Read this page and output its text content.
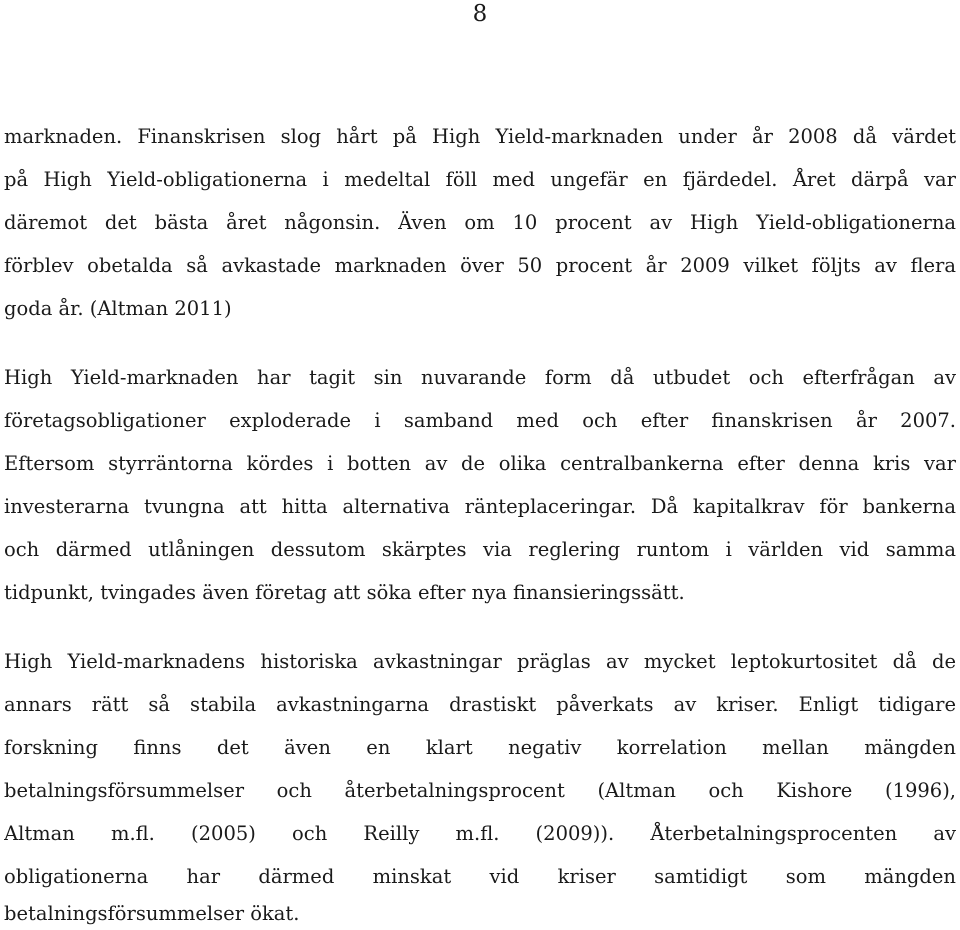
8
marknaden. Finanskrisen slog hårt på High Yield-marknaden under år 2008 då värdet
på High Yield-obligationerna i medeltal föll med ungefär en fjärdedel. Året därpå var
däremot det bästa året någonsin. Även om 10 procent av High Yield-obligationerna
förblev obetalda så avkastade marknaden över 50 procent år 2009 vilket följts av flera
goda år. (Altman 2011)
High Yield-marknaden har tagit sin nuvarande form då utbudet och efterfrågan av
företagsobligationer exploderade i samband med och efter finanskrisen år 2007.
Eftersom styrräntorna kördes i botten av de olika centralbankerna efter denna kris var
investerarna tvungna att hitta alternativa ränteplaceringar. Då kapitalkrav för bankerna
och därmed utlåningen dessutom skärptes via reglering runtom i världen vid samma
tidpunkt, tvingades även företag att söka efter nya finansieringssätt.
High Yield-marknadens historiska avkastningar präglas av mycket leptokurtositet då de
annars rätt så stabila avkastningarna drastiskt påverkats av kriser. Enligt tidigare
forskning finns det även en klart negativ korrelation mellan mängden
betalningsförsummelser och återbetalningsprocent (Altman och Kishore (1996),
Altman m.fl. (2005) och Reilly m.fl. (2009)). Återbetalningsprocenten av
obligationerna har därmed minskat vid kriser samtidigt som mängden
betalningsförsummelser ökat.
